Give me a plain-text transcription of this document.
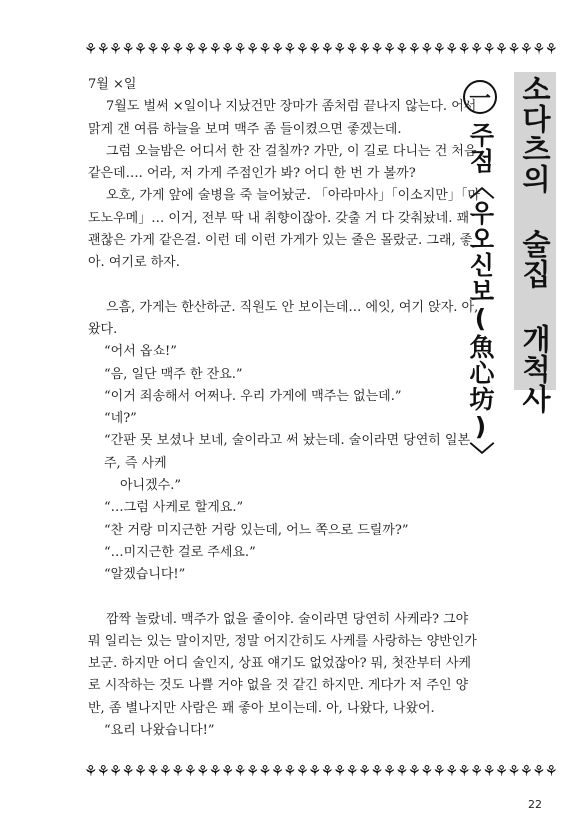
⚘⚘⚘⚘⚘⚘⚘⚘⚘⚘⚘⚘⚘⚘⚘⚘⚘⚘⚘⚘⚘⚘⚘⚘⚘⚘⚘⚘⚘⚘⚘⚘⚘⚘⚘⚘⚘⚘
소다츠의 술집 개척사
一
주점〈우오신보(魚心坊)〉

7월 ×일

7월도 벌써 ×일이나 지났건만 장마가 좀처럼 끝나지 않는다. 어서 맑게 갠 여름 하늘을 보며 맥주 좀 들이켰으면 좋겠는데.

그럼 오늘밤은 어디서 한 잔 걸칠까? 가만, 이 길로 다니는 건 처음 같은데…. 어라, 저 가게 주점인가 봐? 어디 한 번 가 볼까?

오호, 가게 앞에 술병을 죽 늘어놨군. 「아라마사」「이소지만」「마도노우메」… 이거, 전부 딱 내 취향이잖아. 갖출 거 다 갖춰놨네. 꽤 괜찮은 가게 같은걸. 이런 데 이런 가게가 있는 줄은 몰랐군. 그래, 좋아. 여기로 하자.

으흠, 가게는 한산하군. 직원도 안 보이는데… 에잇, 여기 앉자. 아, 왔다.

“어서 옵쇼!”

“음, 일단 맥주 한 잔요.”

“이거 죄송해서 어쩌나. 우리 가게에 맥주는 없는데.”

“네?”

“간판 못 보셨나 보네, 술이라고 써 놨는데. 술이라면 당연히 일본주, 즉 사케

아니겠수.”

“…그럼 사케로 할게요.”

“찬 거랑 미지근한 거랑 있는데, 어느 쪽으로 드릴까?”

“…미지근한 걸로 주세요.”

“알겠습니다!”

깜짝 놀랐네. 맥주가 없을 줄이야. 술이라면 당연히 사케라? 그야 뭐 일리는 있는 말이지만, 정말 어지간히도 사케를 사랑하는 양반인가 보군. 하지만 어디 술인지, 상표 얘기도 없었잖아? 뭐, 첫잔부터 사케로 시작하는 것도 나쁠 거야 없을 것 같긴 하지만. 게다가 저 주인 양반, 좀 별나지만 사람은 꽤 좋아 보이는데. 아, 나왔다, 나왔어.

“요리 나왔습니다!”

⚘⚘⚘⚘⚘⚘⚘⚘⚘⚘⚘⚘⚘⚘⚘⚘⚘⚘⚘⚘⚘⚘⚘⚘⚘⚘⚘⚘⚘⚘⚘⚘⚘⚘⚘⚘⚘⚘
22
